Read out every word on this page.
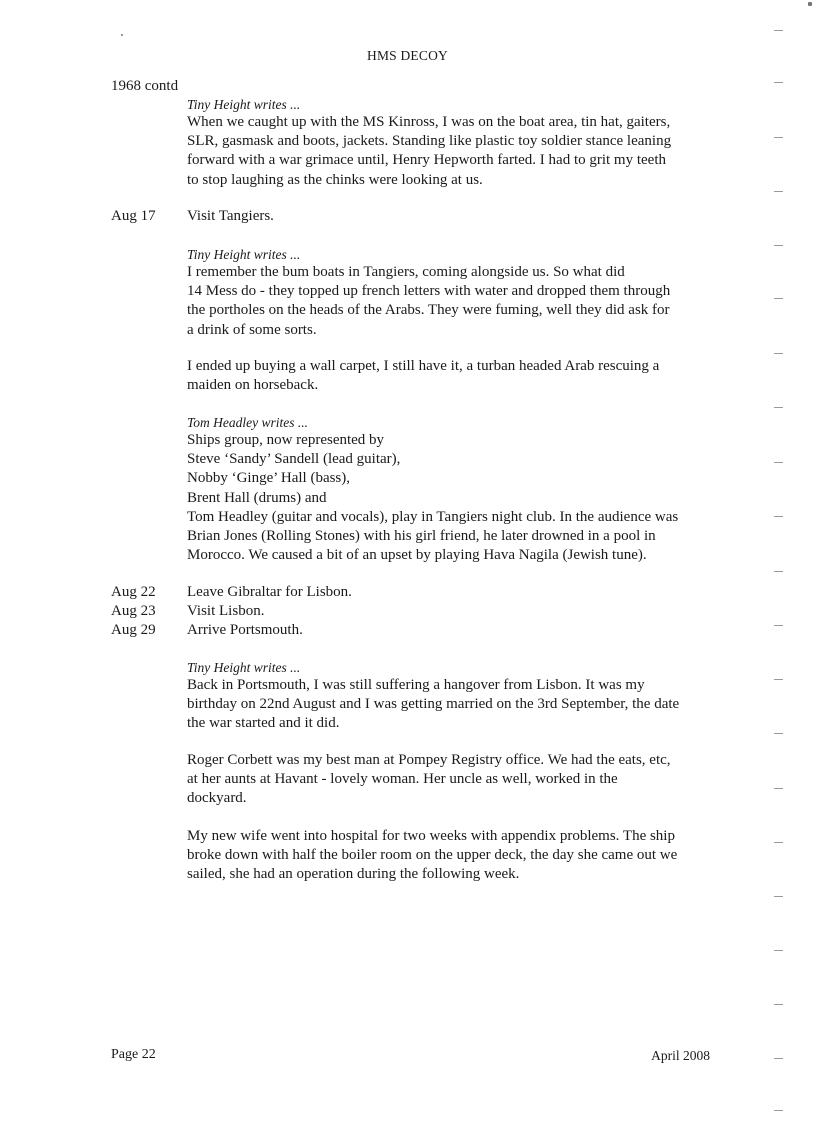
HMS DECOY
1968 contd
Tiny Height writes ...

When we caught up with the MS Kinross, I was on the boat area, tin hat, gaiters,

SLR, gasmask and boots, jackets. Standing like plastic toy soldier stance leaning

forward with a war grimace until, Henry Hepworth farted. I had to grit my teeth

to stop laughing as the chinks were looking at us.

Aug 17 Visit Tangiers.
Tiny Height writes ...

I remember the bum boats in Tangiers, coming alongside us. So what did

14 Mess do - they topped up french letters with water and dropped them through

the portholes on the heads of the Arabs. They were fuming, well they did ask for

a drink of some sorts.

I ended up buying a wall carpet, I still have it, a turban headed Arab rescuing a

maiden on horseback.

Tom Headley writes ...

Ships group, now represented by

Steve ‘Sandy’ Sandell (lead guitar),

Nobby ‘Ginge’ Hall (bass),

Brent Hall (drums) and

Tom Headley (guitar and vocals), play in Tangiers night club. In the audience was

Brian Jones (Rolling Stones) with his girl friend, he later drowned in a pool in

Morocco. We caused a bit of an upset by playing Hava Nagila (Jewish tune).

Aug 22 Leave Gibraltar for Lisbon.
Aug 23 Visit Lisbon.
Aug 29 Arrive Portsmouth.
Tiny Height writes ...

Back in Portsmouth, I was still suffering a hangover from Lisbon. It was my

birthday on 22nd August and I was getting married on the 3rd September, the date

the war started and it did.

Roger Corbett was my best man at Pompey Registry office. We had the eats, etc,

at her aunts at Havant - lovely woman. Her uncle as well, worked in the

dockyard.

My new wife went into hospital for two weeks with appendix problems. The ship

broke down with half the boiler room on the upper deck, the day she came out we

sailed, she had an operation during the following week.

Page 22	April 2008
